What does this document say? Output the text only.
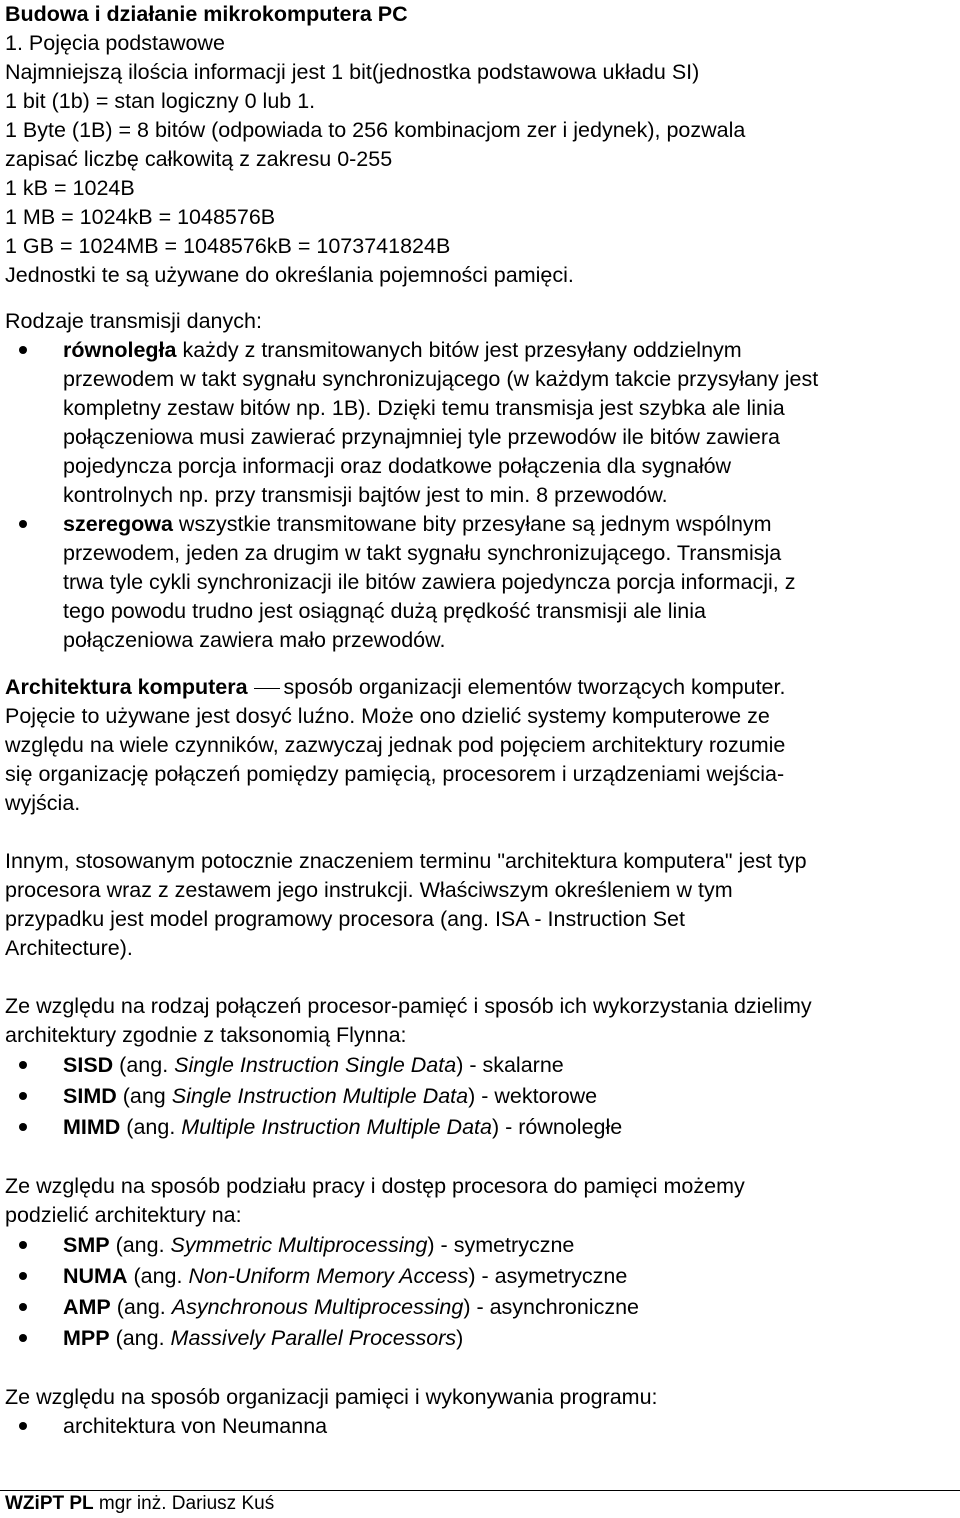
Budowa i działanie mikrokomputera PC
1. Pojęcia podstawowe
Najmniejszą ilościa informacji jest 1 bit(jednostka podstawowa układu SI)
1 bit (1b) = stan logiczny 0 lub 1.
1 Byte (1B) = 8 bitów (odpowiada to 256 kombinacjom zer i jedynek), pozwala
zapisać liczbę całkowitą z zakresu 0-255
1 kB = 1024B
1 MB = 1024kB = 1048576B
1 GB = 1024MB = 1048576kB = 1073741824B
Jednostki te są używane do określania pojemności pamięci.
Rodzaje transmisji danych:
równoległa każdy z transmitowanych bitów jest przesyłany oddzielnym
przewodem w takt sygnału synchronizującego (w każdym takcie przysyłany jest
kompletny zestaw bitów np. 1B). Dzięki temu transmisja jest szybka ale linia
połączeniowa musi zawierać przynajmniej tyle przewodów ile bitów zawiera
pojedyncza porcja informacji oraz dodatkowe połączenia dla sygnałów
kontrolnych np. przy transmisji bajtów jest to min. 8 przewodów.
szeregowa wszystkie transmitowane bity przesyłane są jednym wspólnym
przewodem, jeden za drugim w takt sygnału synchronizującego. Transmisja
trwa tyle cykli synchronizacji ile bitów zawiera pojedyncza porcja informacji, z
tego powodu trudno jest osiągnąć dużą prędkość transmisji ale linia
połączeniowa zawiera mało przewodów.
Architektura komputera sposób organizacji elementów tworzących komputer.
Pojęcie to używane jest dosyć luźno. Może ono dzielić systemy komputerowe ze
względu na wiele czynników, zazwyczaj jednak pod pojęciem architektury rozumie
się organizację połączeń pomiędzy pamięcią, procesorem i urządzeniami wejścia-
wyjścia.
Innym, stosowanym potocznie znaczeniem terminu "architektura komputera" jest typ
procesora wraz z zestawem jego instrukcji. Właściwszym określeniem w tym
przypadku jest model programowy procesora (ang. ISA - Instruction Set
Architecture).
Ze względu na rodzaj połączeń procesor-pamięć i sposób ich wykorzystania dzielimy
architektury zgodnie z taksonomią Flynna:
SISD (ang. Single Instruction Single Data) - skalarne
SIMD (ang Single Instruction Multiple Data) - wektorowe
MIMD (ang. Multiple Instruction Multiple Data) - równoległe
Ze względu na sposób podziału pracy i dostęp procesora do pamięci możemy
podzielić architektury na:
SMP (ang. Symmetric Multiprocessing) - symetryczne
NUMA (ang. Non-Uniform Memory Access) - asymetryczne
AMP (ang. Asynchronous Multiprocessing) - asynchroniczne
MPP (ang. Massively Parallel Processors)
Ze względu na sposób organizacji pamięci i wykonywania programu:
architektura von Neumanna
WZiPT PL mgr inż. Dariusz Kuś
